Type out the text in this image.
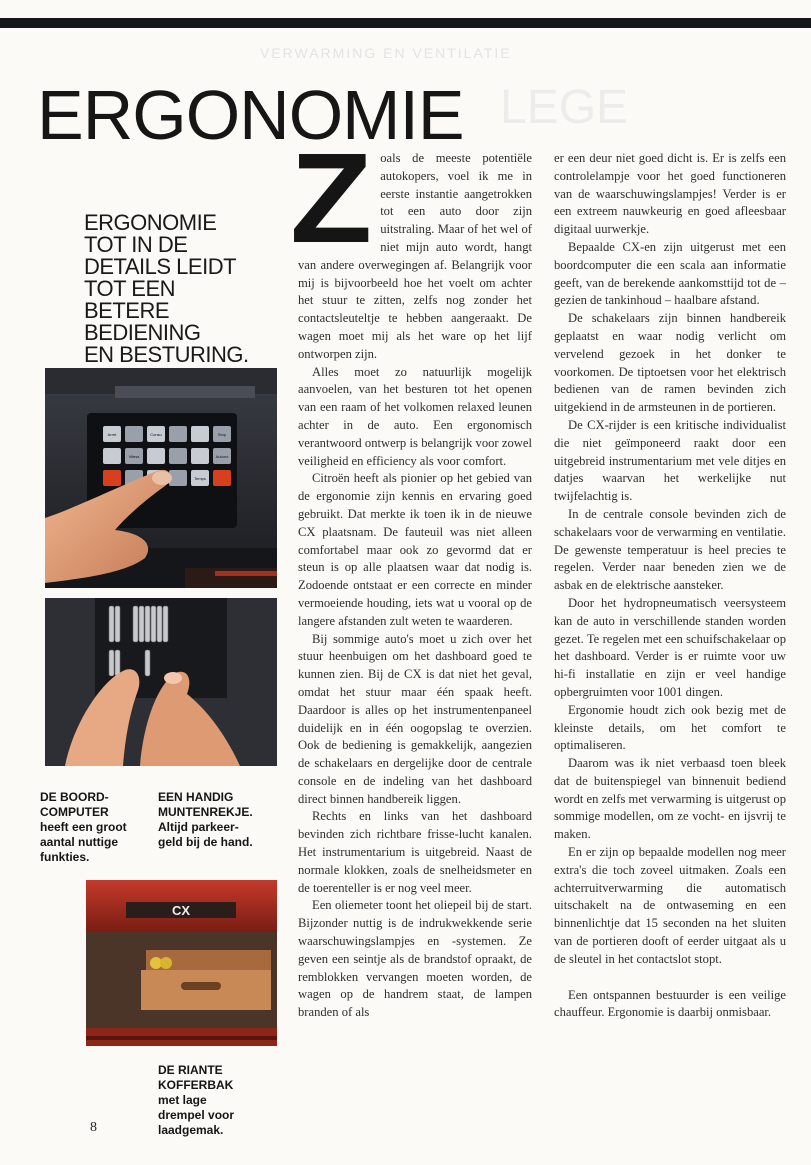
VERWARMING EN VENTILATIE
LEGE
ERGONOMIE
ERGONOMIE
TOT IN DE
DETAILS LEIDT
TOT EEN
BETERE
BEDIENING
EN BESTURING.
Arret	Consu	Stop
Vitess	Autono
Temps
DE BOORD-
COMPUTER
heeft een groot
aantal nuttige
funkties.
EEN HANDIG
MUNTENREKJE.
Altijd parkeer-
geld bij de hand.
CX
DE RIANTE
KOFFERBAK
met lage
drempel voor
laadgemak.
8

Zoals de meeste potentiële autokopers, voel ik me in eerste instantie aangetrokken tot een auto door zijn uitstraling. Maar of het wel of niet mijn auto wordt, hangt van andere overwegingen af. Belangrijk voor mij is bijvoorbeeld hoe het voelt om achter het stuur te zitten, zelfs nog zonder het contactsleuteltje te hebben aangeraakt. De wagen moet mij als het ware op het lijf ontworpen zijn.

Alles moet zo natuurlijk mogelijk aanvoelen, van het besturen tot het openen van een raam of het volkomen relaxed leunen achter in de auto. Een ergonomisch verantwoord ontwerp is belangrijk voor zowel veiligheid en efficiency als voor comfort.

Citroën heeft als pionier op het gebied van de ergonomie zijn kennis en ervaring goed gebruikt. Dat merkte ik toen ik in de nieuwe CX plaatsnam. De fauteuil was niet alleen comfortabel maar ook zo gevormd dat er steun is op alle plaatsen waar dat nodig is. Zodoende ontstaat er een correcte en minder vermoeiende houding, iets wat u vooral op de langere afstanden zult weten te waarderen.

Bij sommige auto's moet u zich over het stuur heenbuigen om het dashboard goed te kunnen zien. Bij de CX is dat niet het geval, omdat het stuur maar één spaak heeft. Daardoor is alles op het instrumentenpaneel duidelijk en in één oogopslag te overzien. Ook de bediening is gemakkelijk, aangezien de schakelaars en dergelijke door de centrale console en de indeling van het dashboard direct binnen handbereik liggen.

Rechts en links van het dashboard bevinden zich richtbare frisse-lucht kanalen. Het instrumentarium is uitgebreid. Naast de normale klokken, zoals de snelheidsmeter en de toerenteller is er nog veel meer.

Een oliemeter toont het oliepeil bij de start. Bijzonder nuttig is de indrukwekkende serie waarschuwingslampjes en -systemen. Ze geven een seintje als de brandstof opraakt, de remblokken vervangen moeten worden, de wagen op de handrem staat, de lampen branden of als

er een deur niet goed dicht is. Er is zelfs een controlelampje voor het goed functioneren van de waarschuwingslampjes! Verder is er een extreem nauwkeurig en goed afleesbaar digitaal uurwerkje.

Bepaalde CX-en zijn uitgerust met een boordcomputer die een scala aan informatie geeft, van de berekende aankomsttijd tot de – gezien de tankinhoud – haalbare afstand.

De schakelaars zijn binnen handbereik geplaatst en waar nodig verlicht om vervelend gezoek in het donker te voorkomen. De tiptoetsen voor het elektrisch bedienen van de ramen bevinden zich uitgekiend in de armsteunen in de portieren.

De CX-rijder is een kritische individualist die niet geïmponeerd raakt door een uitgebreid instrumentarium met vele ditjes en datjes waarvan het werkelijke nut twijfelachtig is.

In de centrale console bevinden zich de schakelaars voor de verwarming en ventilatie. De gewenste temperatuur is heel precies te regelen. Verder naar beneden zien we de asbak en de elektrische aansteker.

Door het hydropneumatisch veersysteem kan de auto in verschillende standen worden gezet. Te regelen met een schuifschakelaar op het dashboard. Verder is er ruimte voor uw hi-fi installatie en zijn er veel handige opbergruimten voor 1001 dingen.

Ergonomie houdt zich ook bezig met de kleinste details, om het comfort te optimaliseren.

Daarom was ik niet verbaasd toen bleek dat de buitenspiegel van binnenuit bediend wordt en zelfs met verwarming is uitgerust op sommige modellen, om ze vocht- en ijsvrij te maken.

En er zijn op bepaalde modellen nog meer extra's die toch zoveel uitmaken. Zoals een achterruitverwarming die automatisch uitschakelt na de ontwaseming en een binnenlichtje dat 15 seconden na het sluiten van de portieren dooft of eerder uitgaat als u de sleutel in het contactslot stopt.

Een ontspannen bestuurder is een veilige chauffeur. Ergonomie is daarbij onmisbaar.
